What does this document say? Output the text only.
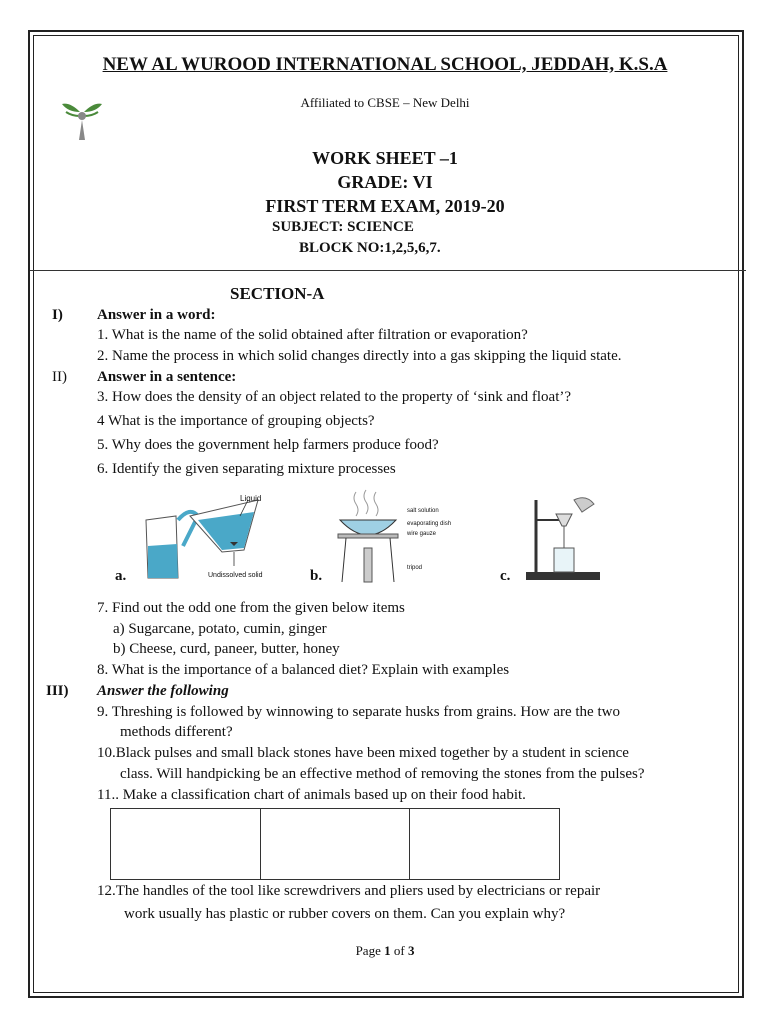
NEW AL WUROOD INTERNATIONAL SCHOOL, JEDDAH, K.S.A
Affiliated to CBSE – New Delhi
WORK SHEET –1
GRADE: VI
FIRST TERM EXAM, 2019-20
SUBJECT: SCIENCE
BLOCK NO:1,2,5,6,7.
SECTION-A
I) Answer in a word:
1. What is the name of the solid obtained after filtration or evaporation?
2. Name the process in which solid changes directly into a gas skipping the liquid state.
II) Answer in a sentence:
3. How does the density of an object related to the property of ‘sink and float’?
4 What is the importance of grouping objects?
5. Why does the government help farmers produce food?
6. Identify the given separating mixture processes
Liquid
Undissolved solid
a.
salt solution
evaporating dish
wire gauze
tripod
b.	c.
7. Find out the odd one from the given below items
a) Sugarcane, potato, cumin, ginger
b) Cheese, curd, paneer, butter, honey
8. What is the importance of a balanced diet? Explain with examples
III) Answer the following
9. Threshing is followed by winnowing to separate husks from grains. How are the two
methods different?
10.Black pulses and small black stones have been mixed together by a student in science
class. Will handpicking be an effective method of removing the stones from the pulses?
11.. Make a classification chart of animals based up on their food habit.
12.The handles of the tool like screwdrivers and pliers used by electricians or repair
work usually has plastic or rubber covers on them. Can you explain why?
Page 1 of 3
